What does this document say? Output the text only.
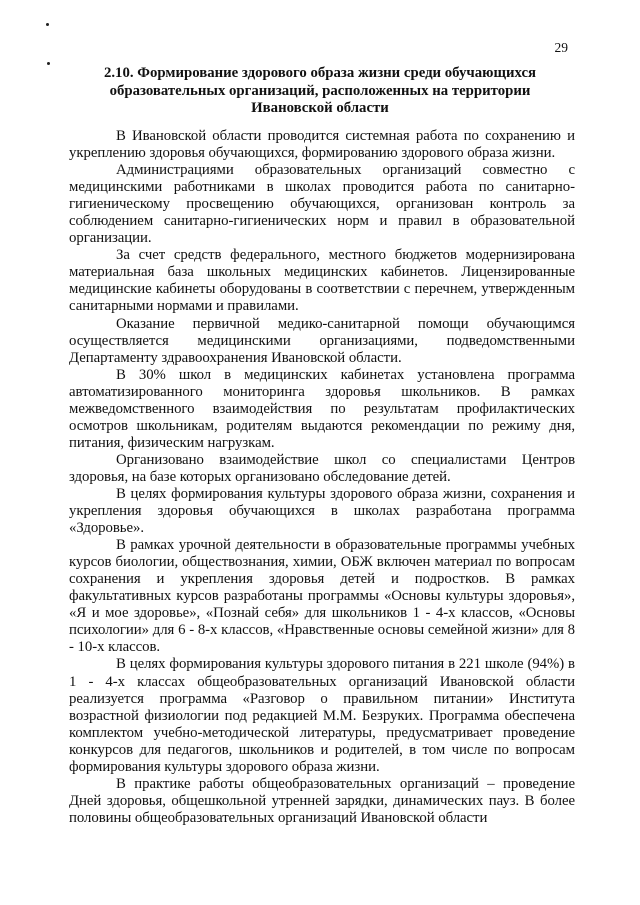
29
2.10. Формирование здорового образа жизни среди обучающихся
образовательных организаций, расположенных на территории
Ивановской области

В Ивановской области проводится системная работа по сохранению и укреплению здоровья обучающихся, формированию здорового образа жизни.

Администрациями образовательных организаций совместно с медицинскими работниками в школах проводится работа по санитарно-гигиеническому просвещению обучающихся, организован контроль за соблюдением санитарно-гигиенических норм и правил в образовательной организации.

За счет средств федерального, местного бюджетов модернизирована материальная база школьных медицинских кабинетов. Лицензированные медицинские кабинеты оборудованы в соответствии с перечнем, утвержденным санитарными нормами и правилами.

Оказание первичной медико-санитарной помощи обучающимся осуществляется медицинскими организациями, подведомственными Департаменту здравоохранения Ивановской области.

В 30% школ в медицинских кабинетах установлена программа автоматизированного мониторинга здоровья школьников. В рамках межведомственного взаимодействия по результатам профилактических осмотров школьникам, родителям выдаются рекомендации по режиму дня, питания, физическим нагрузкам.

Организовано взаимодействие школ со специалистами Центров здоровья, на базе которых организовано обследование детей.

В целях формирования культуры здорового образа жизни, сохранения и укрепления здоровья обучающихся в школах разработана программа «Здоровье».

В рамках урочной деятельности в образовательные программы учебных курсов биологии, обществознания, химии, ОБЖ включен материал по вопросам сохранения и укрепления здоровья детей и подростков. В рамках факультативных курсов разработаны программы «Основы культуры здоровья», «Я и мое здоровье», «Познай себя» для школьников 1 - 4-х классов, «Основы психологии» для 6 - 8-х классов, «Нравственные основы семейной жизни» для 8 - 10-х классов.

В целях формирования культуры здорового питания в 221 школе (94%) в 1 - 4-х классах общеобразовательных организаций Ивановской области реализуется программа «Разговор о правильном питании» Института возрастной физиологии под редакцией М.М. Безруких. Программа обеспечена комплектом учебно-методической литературы, предусматривает проведение конкурсов для педагогов, школьников и родителей, в том числе по вопросам формирования культуры здорового образа жизни.

В практике работы общеобразовательных организаций – проведение Дней здоровья, общешкольной утренней зарядки, динамических пауз. В более половины общеобразовательных организаций Ивановской области
